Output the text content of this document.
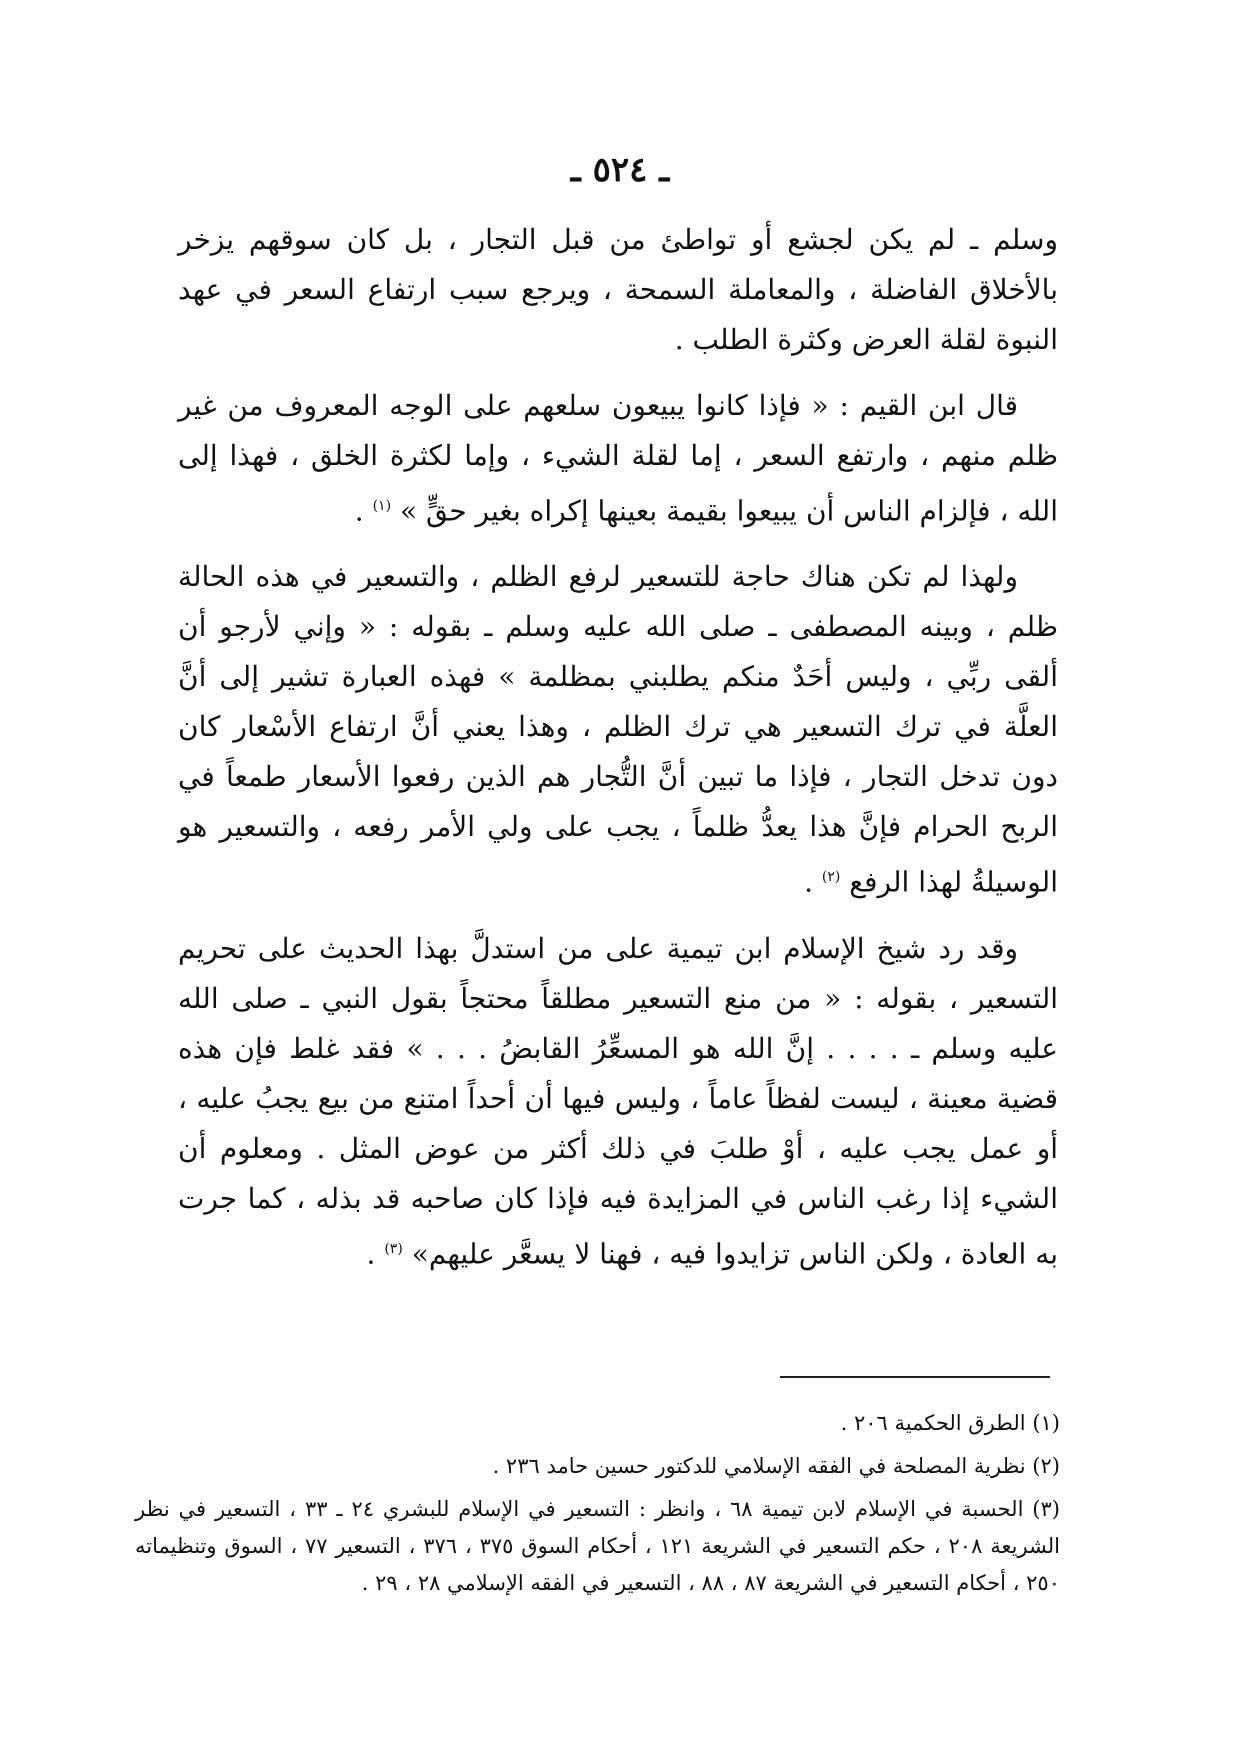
ـ ٥٢٤ ـ

وسلم ـ لم يكن لجشع أو تواطئ من قبل التجار ، بل كان سوقهم يزخر بالأخلاق الفاضلة ، والمعاملة السمحة ، ويرجع سبب ارتفاع السعر في عهد النبوة لقلة العرض وكثرة الطلب .

قال ابن القيم : « فإذا كانوا يبيعون سلعهم على الوجه المعروف من غير ظلم منهم ، وارتفع السعر ، إما لقلة الشيء ، وإما لكثرة الخلق ، فهذا إلى الله ، فإلزام الناس أن يبيعوا بقيمة بعينها إكراه بغير حقٍّ » $^{(١)}$ .

ولهذا لم تكن هناك حاجة للتسعير لرفع الظلم ، والتسعير في هذه الحالة ظلم ، وبينه المصطفى ـ صلى الله عليه وسلم ـ بقوله : « وإني لأرجو أن ألقى ربِّي ، وليس أحَدٌ منكم يطلبني بمظلمة » فهذه العبارة تشير إلى أنَّ العلَّة في ترك التسعير هي ترك الظلم ، وهذا يعني أنَّ ارتفاع الأسْعار كان دون تدخل التجار ، فإذا ما تبين أنَّ التُّجار هم الذين رفعوا الأسعار طمعاً في الربح الحرام فإنَّ هذا يعدُّ ظلماً ، يجب على ولي الأمر رفعه ، والتسعير هو الوسيلةُ لهذا الرفع $^{(٢)}$ .

وقد رد شيخ الإسلام ابن تيمية على من استدلَّ بهذا الحديث على تحريم التسعير ، بقوله : « من منع التسعير مطلقاً محتجاً بقول النبي ـ صلى الله عليه وسلم ـ . . . . إنَّ الله هو المسعِّرُ القابضُ . . . » فقد غلط فإن هذه قضية معينة ، ليست لفظاً عاماً ، وليس فيها أن أحداً امتنع من بيع يجبُ عليه ، أو عمل يجب عليه ، أوْ طلبَ في ذلك أكثر من عوض المثل . ومعلوم أن الشيء إذا رغب الناس في المزايدة فيه فإذا كان صاحبه قد بذله ، كما جرت به العادة ، ولكن الناس تزايدوا فيه ، فهنا لا يسعَّر عليهم» $^{(٣)}$ .

(١) الطرق الحكمية ٢٠٦ .

(٢) نظرية المصلحة في الفقه الإسلامي للدكتور حسين حامد ٢٣٦ .

(٣) الحسبة في الإسلام لابن تيمية ٦٨ ، وانظر : التسعير في الإسلام للبشري ٢٤ ـ ٣٣ ، التسعير في نظر الشريعة ٢٠٨ ، حكم التسعير في الشريعة ١٢١ ، أحكام السوق ٣٧٥ ، ٣٧٦ ، التسعير ٧٧ ، السوق وتنظيماته ٢٥٠ ، أحكام التسعير في الشريعة ٨٧ ، ٨٨ ، التسعير في الفقه الإسلامي ٢٨ ، ٢٩ .
